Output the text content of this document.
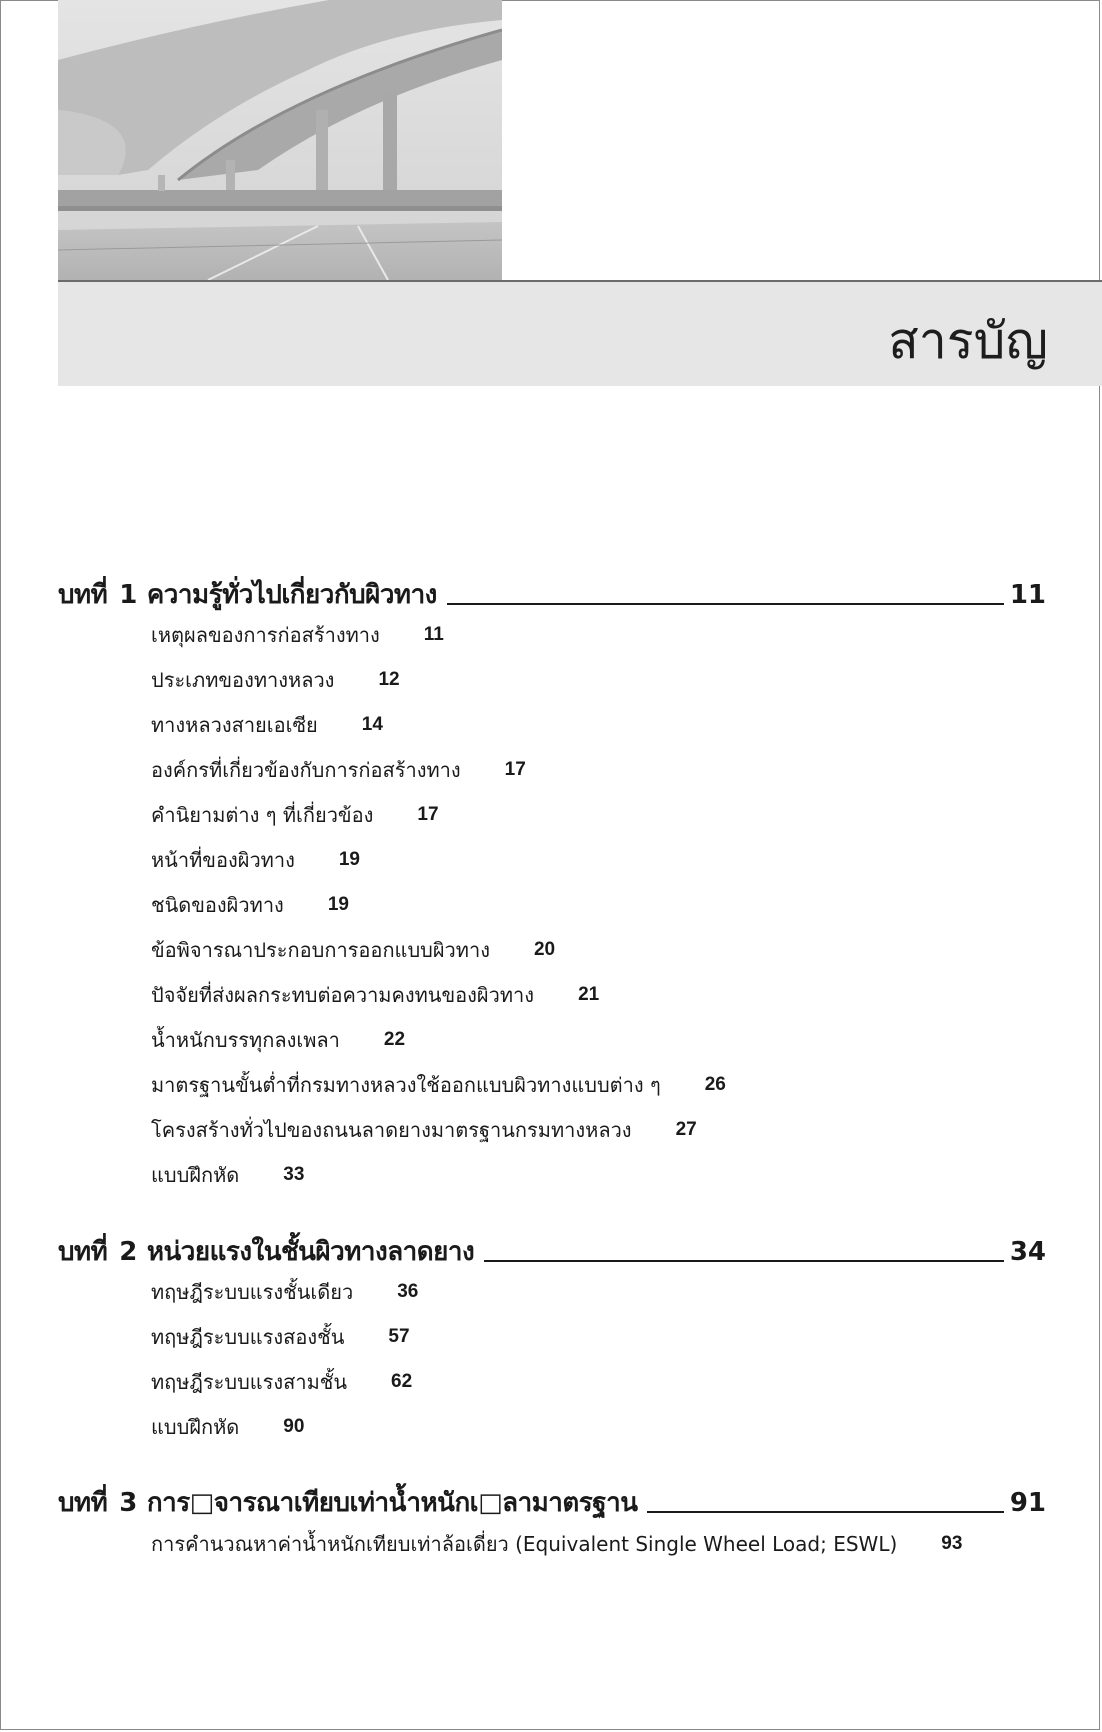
สารบัญ
บทที่ 1 ความรู้ทั่วไปเกี่ยวกับผิวทาง	11
เหตุผลของการก่อสร้างทาง 11
ประเภทของทางหลวง 12
ทางหลวงสายเอเซีย 14
องค์กรที่เกี่ยวข้องกับการก่อสร้างทาง 17
คำนิยามต่าง ๆ ที่เกี่ยวข้อง 17
หน้าที่ของผิวทาง 19
ชนิดของผิวทาง 19
ข้อพิจารณาประกอบการออกแบบผิวทาง 20
ปัจจัยที่ส่งผลกระทบต่อความคงทนของผิวทาง 21
น้ำหนักบรรทุกลงเพลา 22
มาตรฐานขั้นต่ำที่กรมทางหลวงใช้ออกแบบผิวทางแบบต่าง ๆ 26
โครงสร้างทั่วไปของถนนลาดยางมาตรฐานกรมทางหลวง 27
แบบฝึกหัด 33
บทที่ 2 หน่วยแรงในชั้นผิวทางลาดยาง	34
ทฤษฎีระบบแรงชั้นเดียว 36
ทฤษฎีระบบแรงสองชั้น 57
ทฤษฎีระบบแรงสามชั้น 62
แบบฝึกหัด 90
บทที่ 3 การ□จารณาเทียบเท่าน้ำหนักเ□ลามาตรฐาน	91
การคำนวณหาค่าน้ำหนักเทียบเท่าล้อเดี่ยว (Equivalent Single Wheel Load; ESWL) 93
